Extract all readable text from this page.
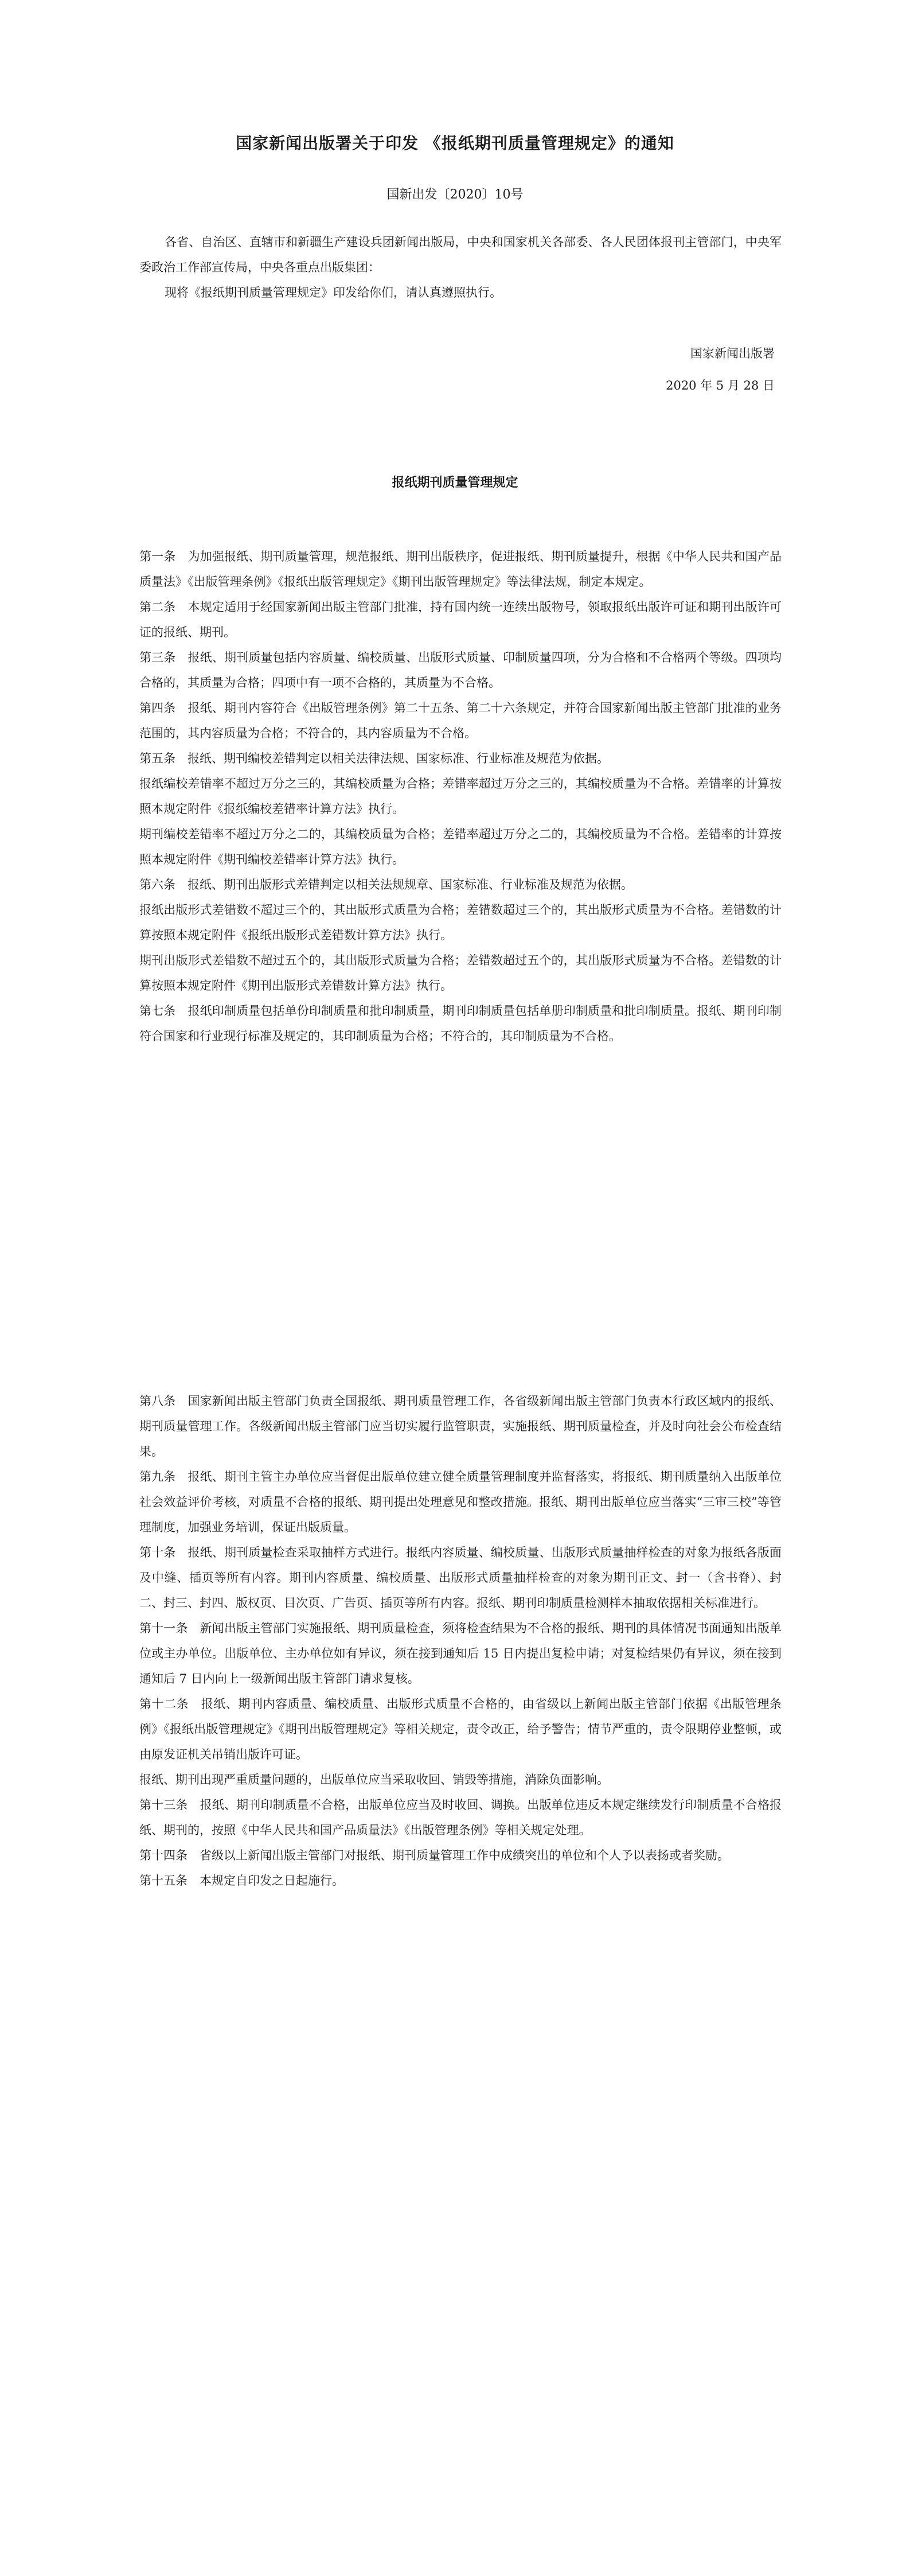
国家新闻出版署关于印发 《报纸期刊质量管理规定》的通知
国新出发〔2020〕10号
各省、自治区、直辖市和新疆生产建设兵团新闻出版局，中央和国家机关各部委、各人民团体报刊主管部门，中央军委政治工作部宣传局，中央各重点出版集团：
现将《报纸期刊质量管理规定》印发给你们，请认真遵照执行。
国家新闻出版署
2020 年 5 月 28 日
报纸期刊质量管理规定

第一条　为加强报纸、期刊质量管理，规范报纸、期刊出版秩序，促进报纸、期刊质量提升，根据《中华人民共和国产品质量法》《出版管理条例》《报纸出版管理规定》《期刊出版管理规定》等法律法规，制定本规定。

第二条　本规定适用于经国家新闻出版主管部门批准，持有国内统一连续出版物号，领取报纸出版许可证和期刊出版许可证的报纸、期刊。

第三条　报纸、期刊质量包括内容质量、编校质量、出版形式质量、印制质量四项，分为合格和不合格两个等级。四项均合格的，其质量为合格；四项中有一项不合格的，其质量为不合格。

第四条　报纸、期刊内容符合《出版管理条例》第二十五条、第二十六条规定，并符合国家新闻出版主管部门批准的业务范围的，其内容质量为合格；不符合的，其内容质量为不合格。

第五条　报纸、期刊编校差错判定以相关法律法规、国家标准、行业标准及规范为依据。

报纸编校差错率不超过万分之三的，其编校质量为合格；差错率超过万分之三的，其编校质量为不合格。差错率的计算按照本规定附件《报纸编校差错率计算方法》执行。

期刊编校差错率不超过万分之二的，其编校质量为合格；差错率超过万分之二的，其编校质量为不合格。差错率的计算按照本规定附件《期刊编校差错率计算方法》执行。

第六条　报纸、期刊出版形式差错判定以相关法规规章、国家标准、行业标准及规范为依据。

报纸出版形式差错数不超过三个的，其出版形式质量为合格；差错数超过三个的，其出版形式质量为不合格。差错数的计算按照本规定附件《报纸出版形式差错数计算方法》执行。

期刊出版形式差错数不超过五个的，其出版形式质量为合格；差错数超过五个的，其出版形式质量为不合格。差错数的计算按照本规定附件《期刊出版形式差错数计算方法》执行。

第七条　报纸印制质量包括单份印制质量和批印制质量，期刊印制质量包括单册印制质量和批印制质量。报纸、期刊印制符合国家和行业现行标准及规定的，其印制质量为合格；不符合的，其印制质量为不合格。

第八条　国家新闻出版主管部门负责全国报纸、期刊质量管理工作，各省级新闻出版主管部门负责本行政区域内的报纸、期刊质量管理工作。各级新闻出版主管部门应当切实履行监管职责，实施报纸、期刊质量检查，并及时向社会公布检查结果。

第九条　报纸、期刊主管主办单位应当督促出版单位建立健全质量管理制度并监督落实，将报纸、期刊质量纳入出版单位社会效益评价考核，对质量不合格的报纸、期刊提出处理意见和整改措施。报纸、期刊出版单位应当落实“三审三校”等管理制度，加强业务培训，保证出版质量。

第十条　报纸、期刊质量检查采取抽样方式进行。报纸内容质量、编校质量、出版形式质量抽样检查的对象为报纸各版面及中缝、插页等所有内容。期刊内容质量、编校质量、出版形式质量抽样检查的对象为期刊正文、封一（含书脊）、封二、封三、封四、版权页、目次页、广告页、插页等所有内容。报纸、期刊印制质量检测样本抽取依据相关标准进行。

第十一条　新闻出版主管部门实施报纸、期刊质量检查，须将检查结果为不合格的报纸、期刊的具体情况书面通知出版单位或主办单位。出版单位、主办单位如有异议，须在接到通知后 15 日内提出复检申请；对复检结果仍有异议，须在接到通知后 7 日内向上一级新闻出版主管部门请求复核。

第十二条　报纸、期刊内容质量、编校质量、出版形式质量不合格的，由省级以上新闻出版主管部门依据《出版管理条例》《报纸出版管理规定》《期刊出版管理规定》等相关规定，责令改正，给予警告；情节严重的，责令限期停业整顿，或由原发证机关吊销出版许可证。

报纸、期刊出现严重质量问题的，出版单位应当采取收回、销毁等措施，消除负面影响。

第十三条　报纸、期刊印制质量不合格，出版单位应当及时收回、调换。出版单位违反本规定继续发行印制质量不合格报纸、期刊的，按照《中华人民共和国产品质量法》《出版管理条例》等相关规定处理。

第十四条　省级以上新闻出版主管部门对报纸、期刊质量管理工作中成绩突出的单位和个人予以表扬或者奖励。

第十五条　本规定自印发之日起施行。
